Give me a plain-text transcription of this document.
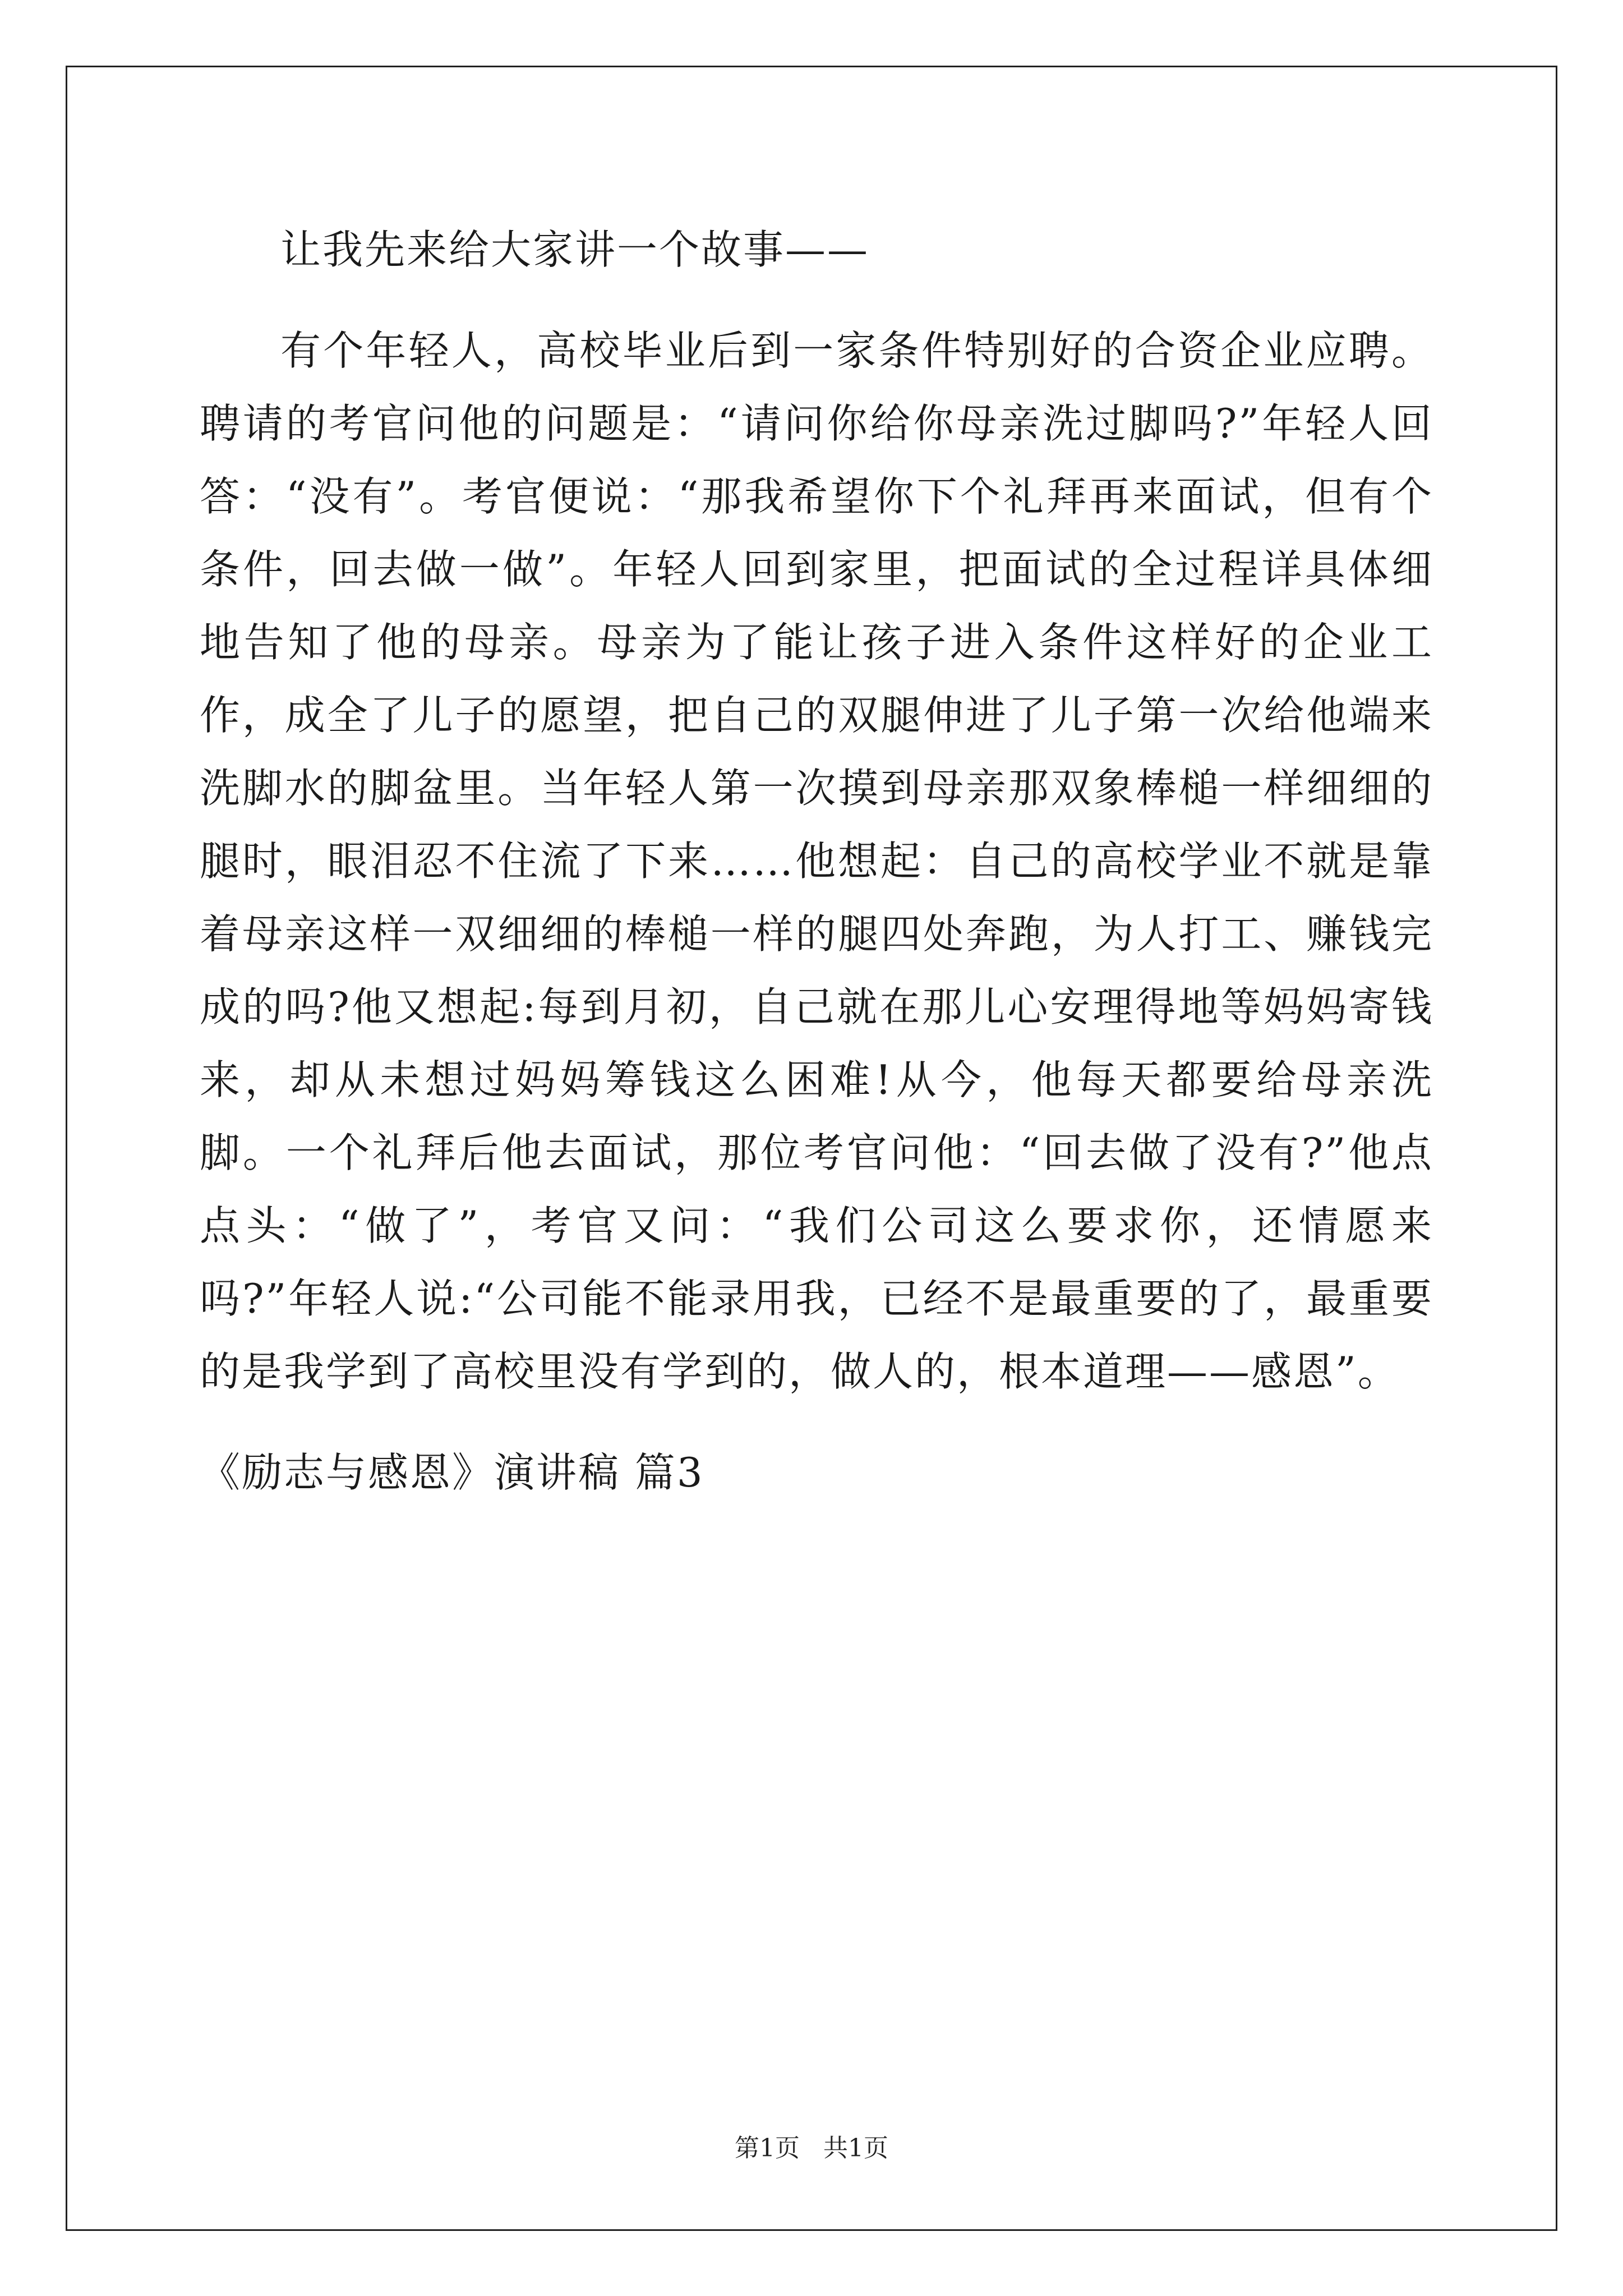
让我先来给大家讲一个故事——

有个年轻人，高校毕业后到一家条件特别好的合资企业应聘。聘请的考官问他的问题是：“请问你给你母亲洗过脚吗?”年轻人回答：“没有”。考官便说：“那我希望你下个礼拜再来面试，但有个条件，回去做一做”。年轻人回到家里，把面试的全过程详具体细地告知了他的母亲。母亲为了能让孩子进入条件这样好的企业工作，成全了儿子的愿望，把自己的双腿伸进了儿子第一次给他端来洗脚水的脚盆里。当年轻人第一次摸到母亲那双象棒槌一样细细的腿时，眼泪忍不住流了下来……他想起：自己的高校学业不就是靠着母亲这样一双细细的棒槌一样的腿四处奔跑，为人打工、赚钱完成的吗?他又想起:每到月初，自己就在那儿心安理得地等妈妈寄钱来，却从未想过妈妈筹钱这么困难!从今，他每天都要给母亲洗脚。一个礼拜后他去面试，那位考官问他：“回去做了没有?”他点点头：“做了”，考官又问：“我们公司这么要求你，还情愿来吗?”年轻人说:“公司能不能录用我，已经不是最重要的了，最重要的是我学到了高校里没有学到的，做人的，根本道理——感恩”。

《励志与感恩》演讲稿 篇3
第1页 共1页
